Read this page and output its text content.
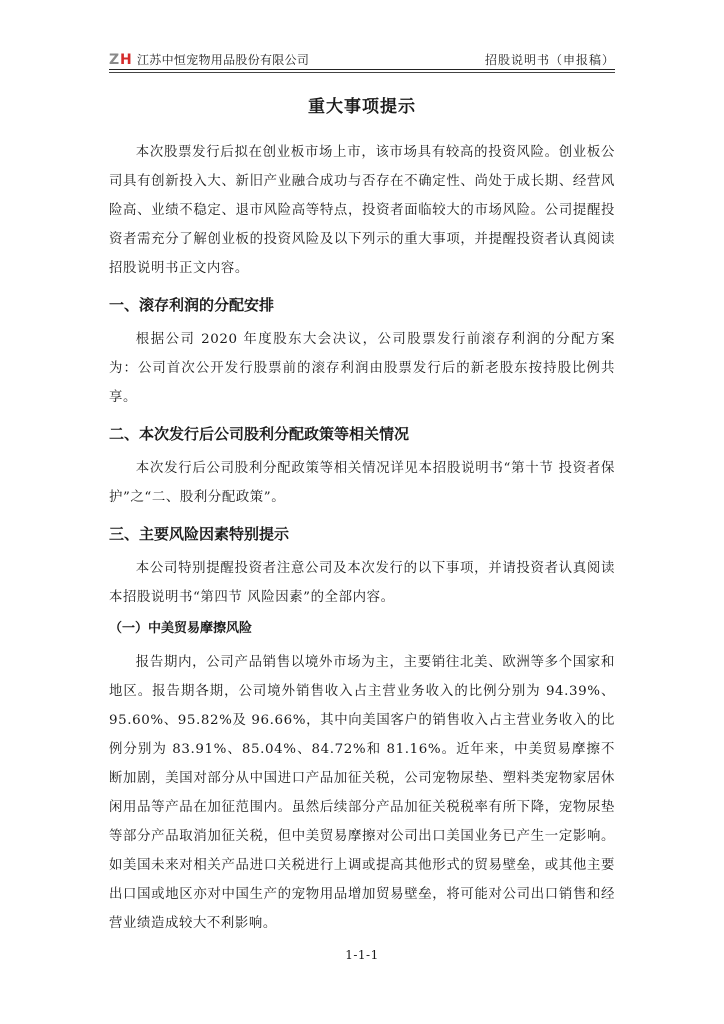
Z H 江苏中恒宠物用品股份有限公司	招股说明书（申报稿）
重大事项提示

本次股票发行后拟在创业板市场上市，该市场具有较高的投资风险。创业板公司具有创新投入大、新旧产业融合成功与否存在不确定性、尚处于成长期、经营风险高、业绩不稳定、退市风险高等特点，投资者面临较大的市场风险。公司提醒投资者需充分了解创业板的投资风险及以下列示的重大事项，并提醒投资者认真阅读招股说明书正文内容。

一、滚存利润的分配安排

根据公司 2020 年度股东大会决议，公司股票发行前滚存利润的分配方案为：公司首次公开发行股票前的滚存利润由股票发行后的新老股东按持股比例共享。

二、本次发行后公司股利分配政策等相关情况

本次发行后公司股利分配政策等相关情况详见本招股说明书“第十节 投资者保护”之“二、股利分配政策”。

三、主要风险因素特别提示

本公司特别提醒投资者注意公司及本次发行的以下事项，并请投资者认真阅读本招股说明书“第四节 风险因素”的全部内容。

（一）中美贸易摩擦风险

报告期内，公司产品销售以境外市场为主，主要销往北美、欧洲等多个国家和地区。报告期各期，公司境外销售收入占主营业务收入的比例分别为 94.39%、95.60%、95.82%及 96.66%，其中向美国客户的销售收入占主营业务收入的比例分别为 83.91%、85.04%、84.72%和 81.16%。近年来，中美贸易摩擦不断加剧，美国对部分从中国进口产品加征关税，公司宠物尿垫、塑料类宠物家居休闲用品等产品在加征范围内。虽然后续部分产品加征关税税率有所下降，宠物尿垫等部分产品取消加征关税，但中美贸易摩擦对公司出口美国业务已产生一定影响。如美国未来对相关产品进口关税进行上调或提高其他形式的贸易壁垒，或其他主要出口国或地区亦对中国生产的宠物用品增加贸易壁垒，将可能对公司出口销售和经营业绩造成较大不利影响。

1-1-1
